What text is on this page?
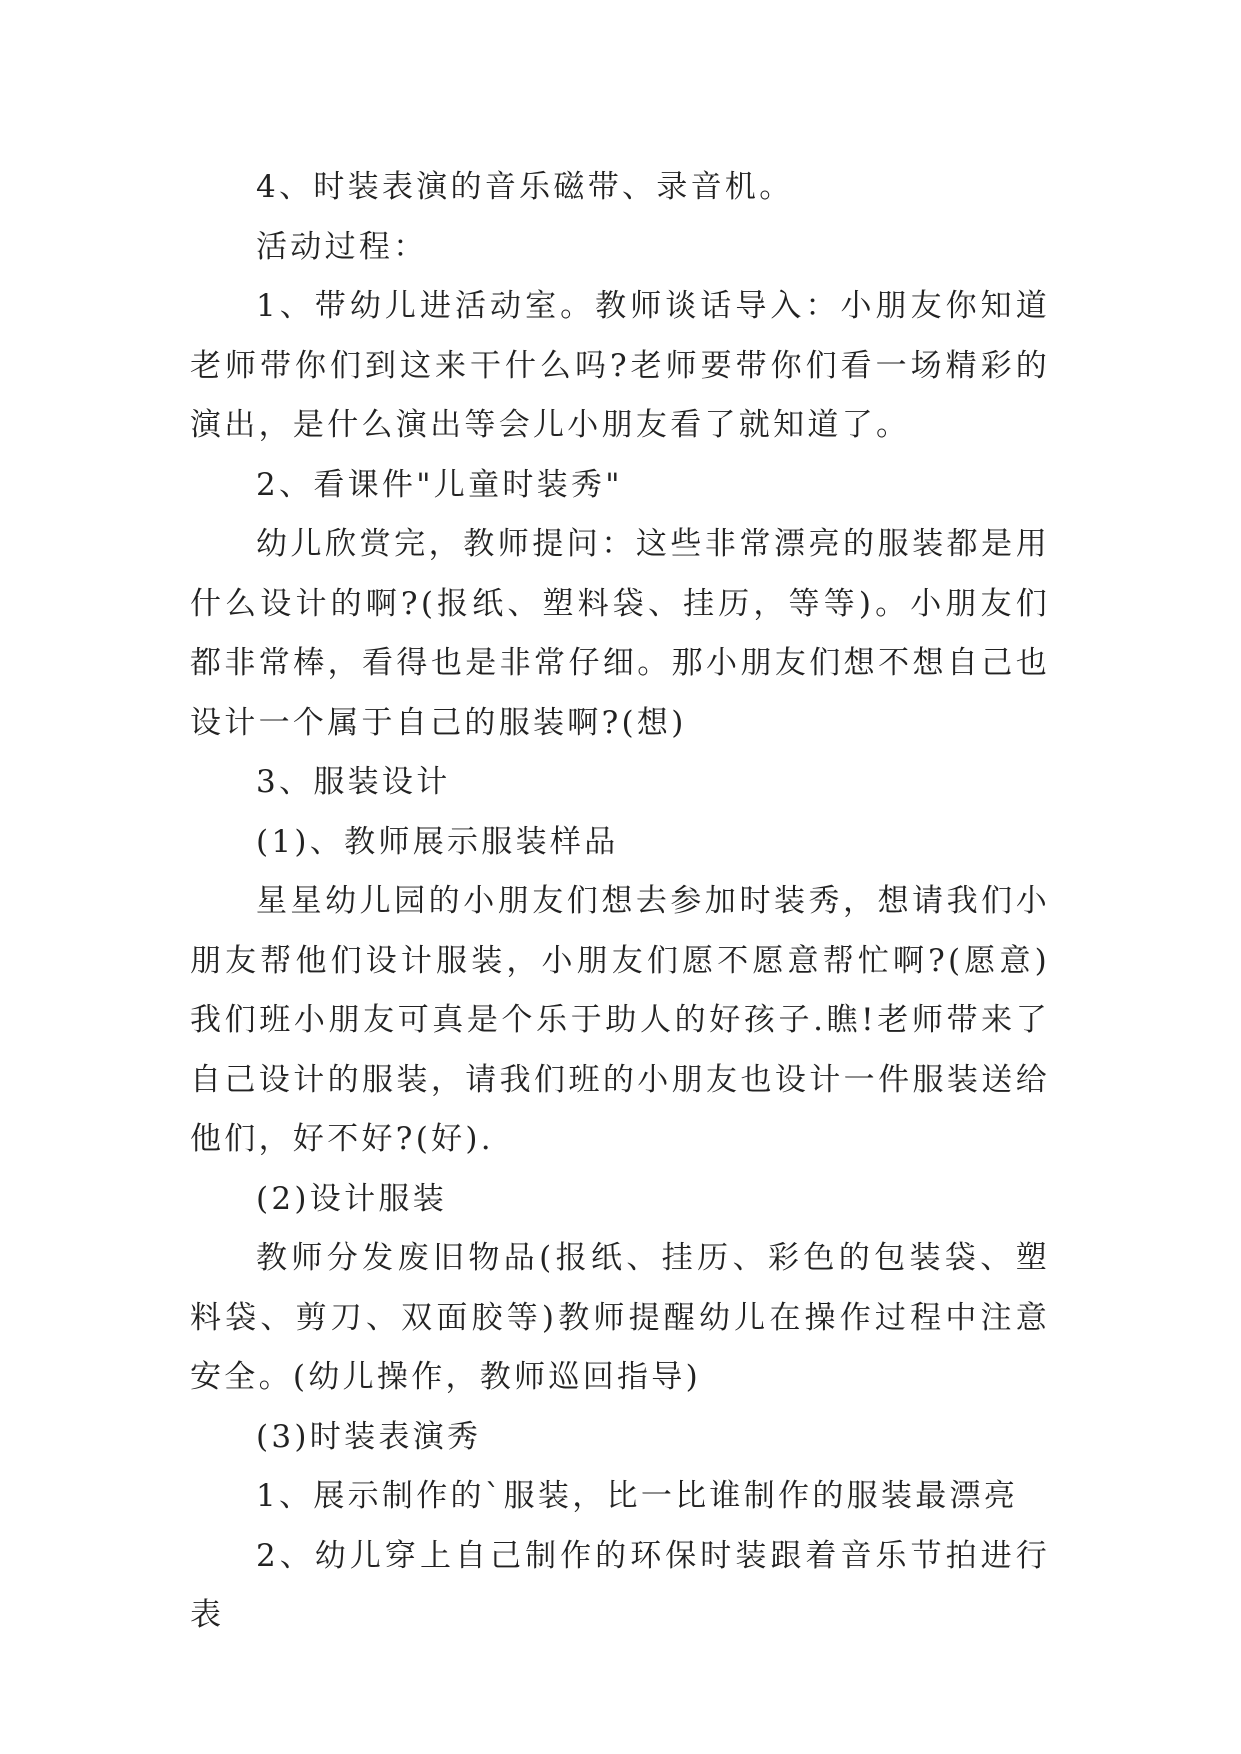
4、时装表演的音乐磁带、录音机。

活动过程：

1、带幼儿进活动室。教师谈话导入：小朋友你知道老师带你们到这来干什么吗?老师要带你们看一场精彩的演出，是什么演出等会儿小朋友看了就知道了。

2、看课件"儿童时装秀"

幼儿欣赏完，教师提问：这些非常漂亮的服装都是用什么设计的啊?(报纸、塑料袋、挂历，等等)。小朋友们都非常棒，看得也是非常仔细。那小朋友们想不想自己也设计一个属于自己的服装啊?(想)

3、服装设计

(1)、教师展示服装样品

星星幼儿园的小朋友们想去参加时装秀，想请我们小朋友帮他们设计服装，小朋友们愿不愿意帮忙啊?(愿意)我们班小朋友可真是个乐于助人的好孩子.瞧!老师带来了自己设计的服装，请我们班的小朋友也设计一件服装送给他们，好不好?(好).

(2)设计服装

教师分发废旧物品(报纸、挂历、彩色的包装袋、塑料袋、剪刀、双面胶等)教师提醒幼儿在操作过程中注意安全。(幼儿操作，教师巡回指导)

(3)时装表演秀

1、展示制作的`服装，比一比谁制作的服装最漂亮

2、幼儿穿上自己制作的环保时装跟着音乐节拍进行表
